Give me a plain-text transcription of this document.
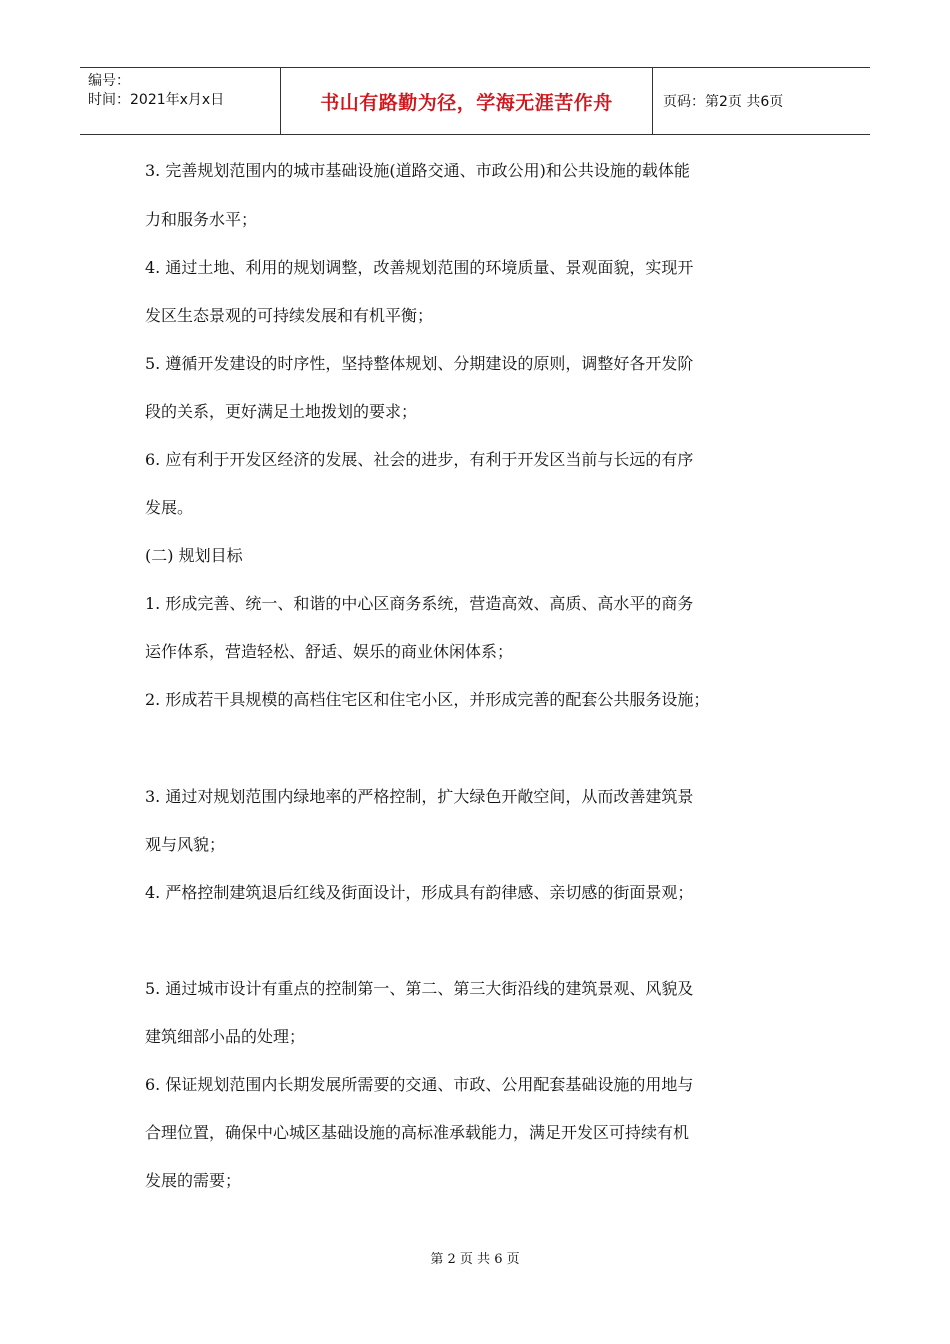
编号：
时间：2021年x月x日	书山有路勤为径，学海无涯苦作舟	页码：第2页 共6页
3. 完善规划范围内的城市基础设施(道路交通、市政公用)和公共设施的载体能
力和服务水平；
4. 通过土地、利用的规划调整，改善规划范围的环境质量、景观面貌，实现开
发区生态景观的可持续发展和有机平衡；
5. 遵循开发建设的时序性，坚持整体规划、分期建设的原则，调整好各开发阶
段的关系，更好满足土地拨划的要求；
6. 应有利于开发区经济的发展、社会的进步，有利于开发区当前与长远的有序
发展。
(二) 规划目标
1. 形成完善、统一、和谐的中心区商务系统，营造高效、高质、高水平的商务
运作体系，营造轻松、舒适、娱乐的商业休闲体系；
2. 形成若干具规模的高档住宅区和住宅小区，并形成完善的配套公共服务设施；
3. 通过对规划范围内绿地率的严格控制，扩大绿色开敞空间，从而改善建筑景
观与风貌；
4. 严格控制建筑退后红线及街面设计，形成具有韵律感、亲切感的街面景观；
5. 通过城市设计有重点的控制第一、第二、第三大街沿线的建筑景观、风貌及
建筑细部小品的处理；
6. 保证规划范围内长期发展所需要的交通、市政、公用配套基础设施的用地与
合理位置，确保中心城区基础设施的高标准承载能力，满足开发区可持续有机
发展的需要；
第 2 页 共 6 页
